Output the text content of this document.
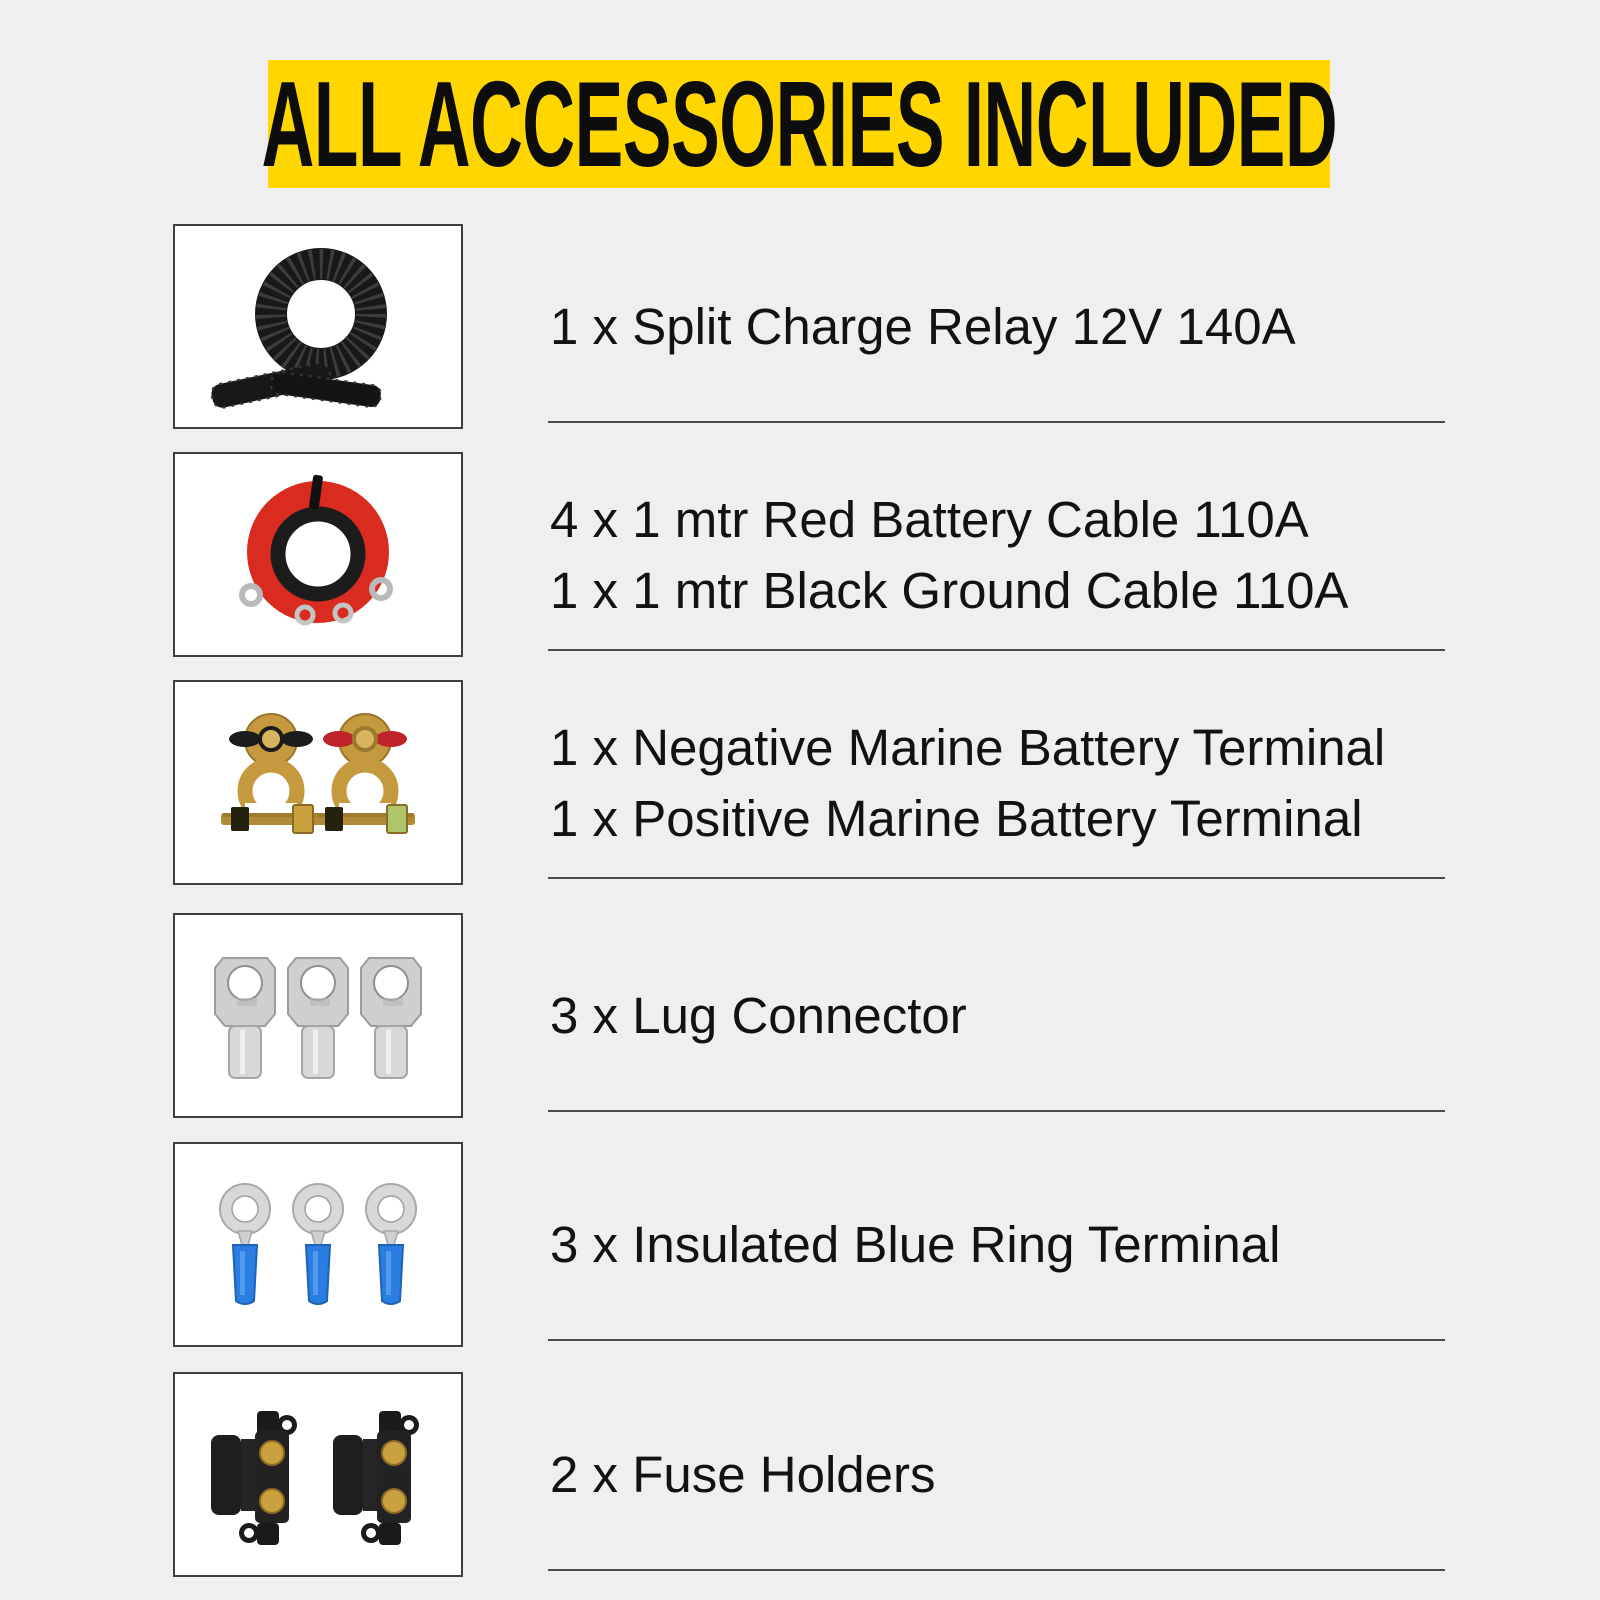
ALL ACCESSORIES INCLUDED
1 x Split Charge Relay 12V 140A
4 x 1 mtr Red Battery Cable 110A
1 x 1 mtr Black Ground Cable 110A
1 x Negative Marine Battery Terminal
1 x Positive Marine Battery Terminal
3 x Lug Connector
3 x Insulated Blue Ring Terminal
2 x Fuse Holders
